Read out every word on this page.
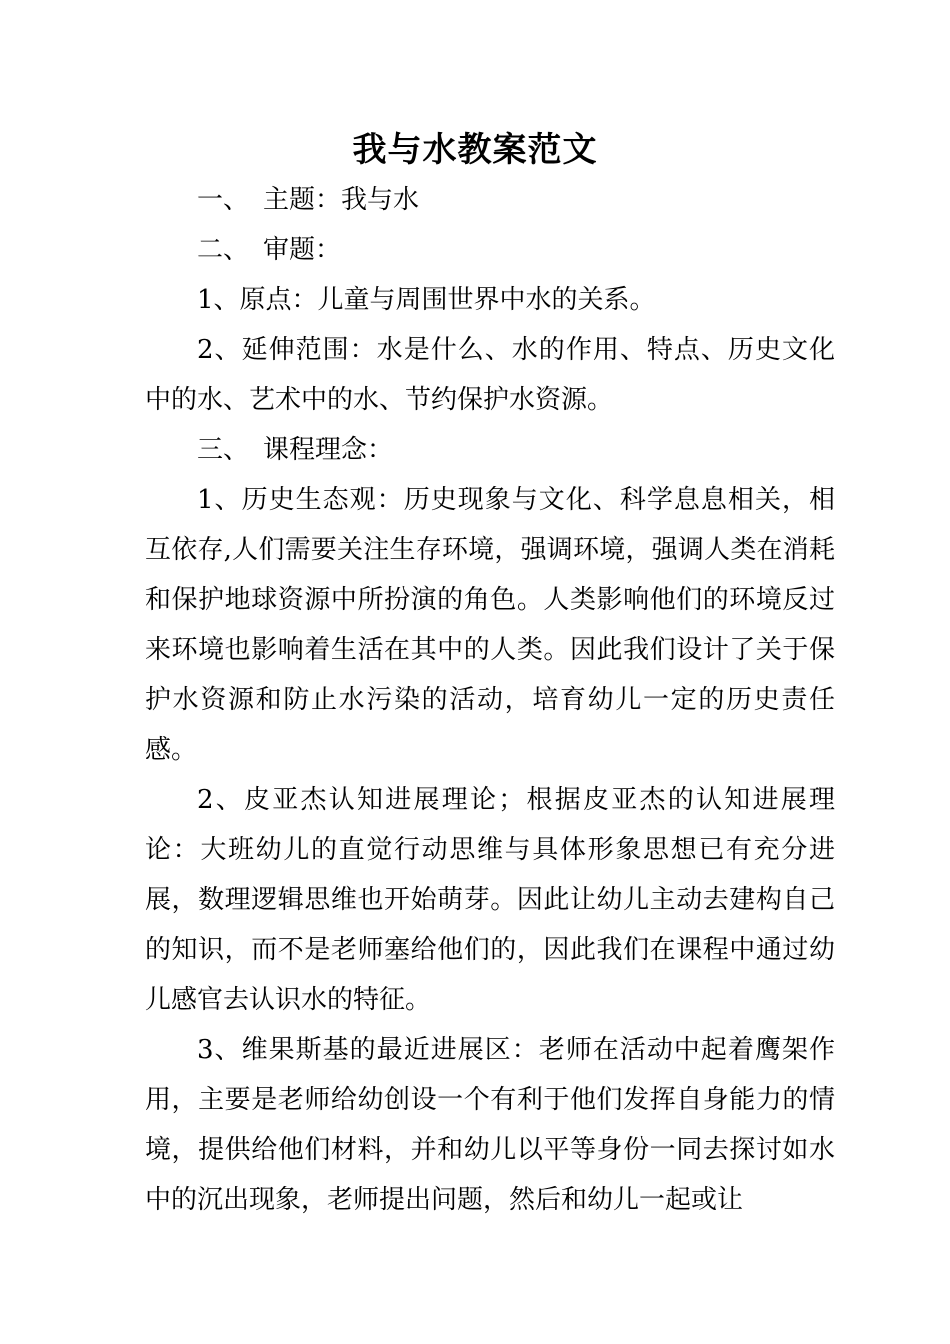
我与水教案范文

一、 主题：我与水

二、 审题：

1、原点：儿童与周围世界中水的关系。

2、延伸范围：水是什么、水的作用、特点、历史文化中的水、艺术中的水、节约保护水资源。

三、 课程理念：

1、历史生态观：历史现象与文化、科学息息相关，相互依存,人们需要关注生存环境，强调环境，强调人类在消耗和保护地球资源中所扮演的角色。人类影响他们的环境反过来环境也影响着生活在其中的人类。因此我们设计了关于保护水资源和防止水污染的活动，培育幼儿一定的历史责任感。

2、皮亚杰认知进展理论；根据皮亚杰的认知进展理论：大班幼儿的直觉行动思维与具体形象思想已有充分进展，数理逻辑思维也开始萌芽。因此让幼儿主动去建构自己的知识，而不是老师塞给他们的，因此我们在课程中通过幼儿感官去认识水的特征。

3、维果斯基的最近进展区：老师在活动中起着鹰架作用，主要是老师给幼创设一个有利于他们发挥自身能力的情境，提供给他们材料，并和幼儿以平等身份一同去探讨如水中的沉出现象，老师提出问题，然后和幼儿一起或让
